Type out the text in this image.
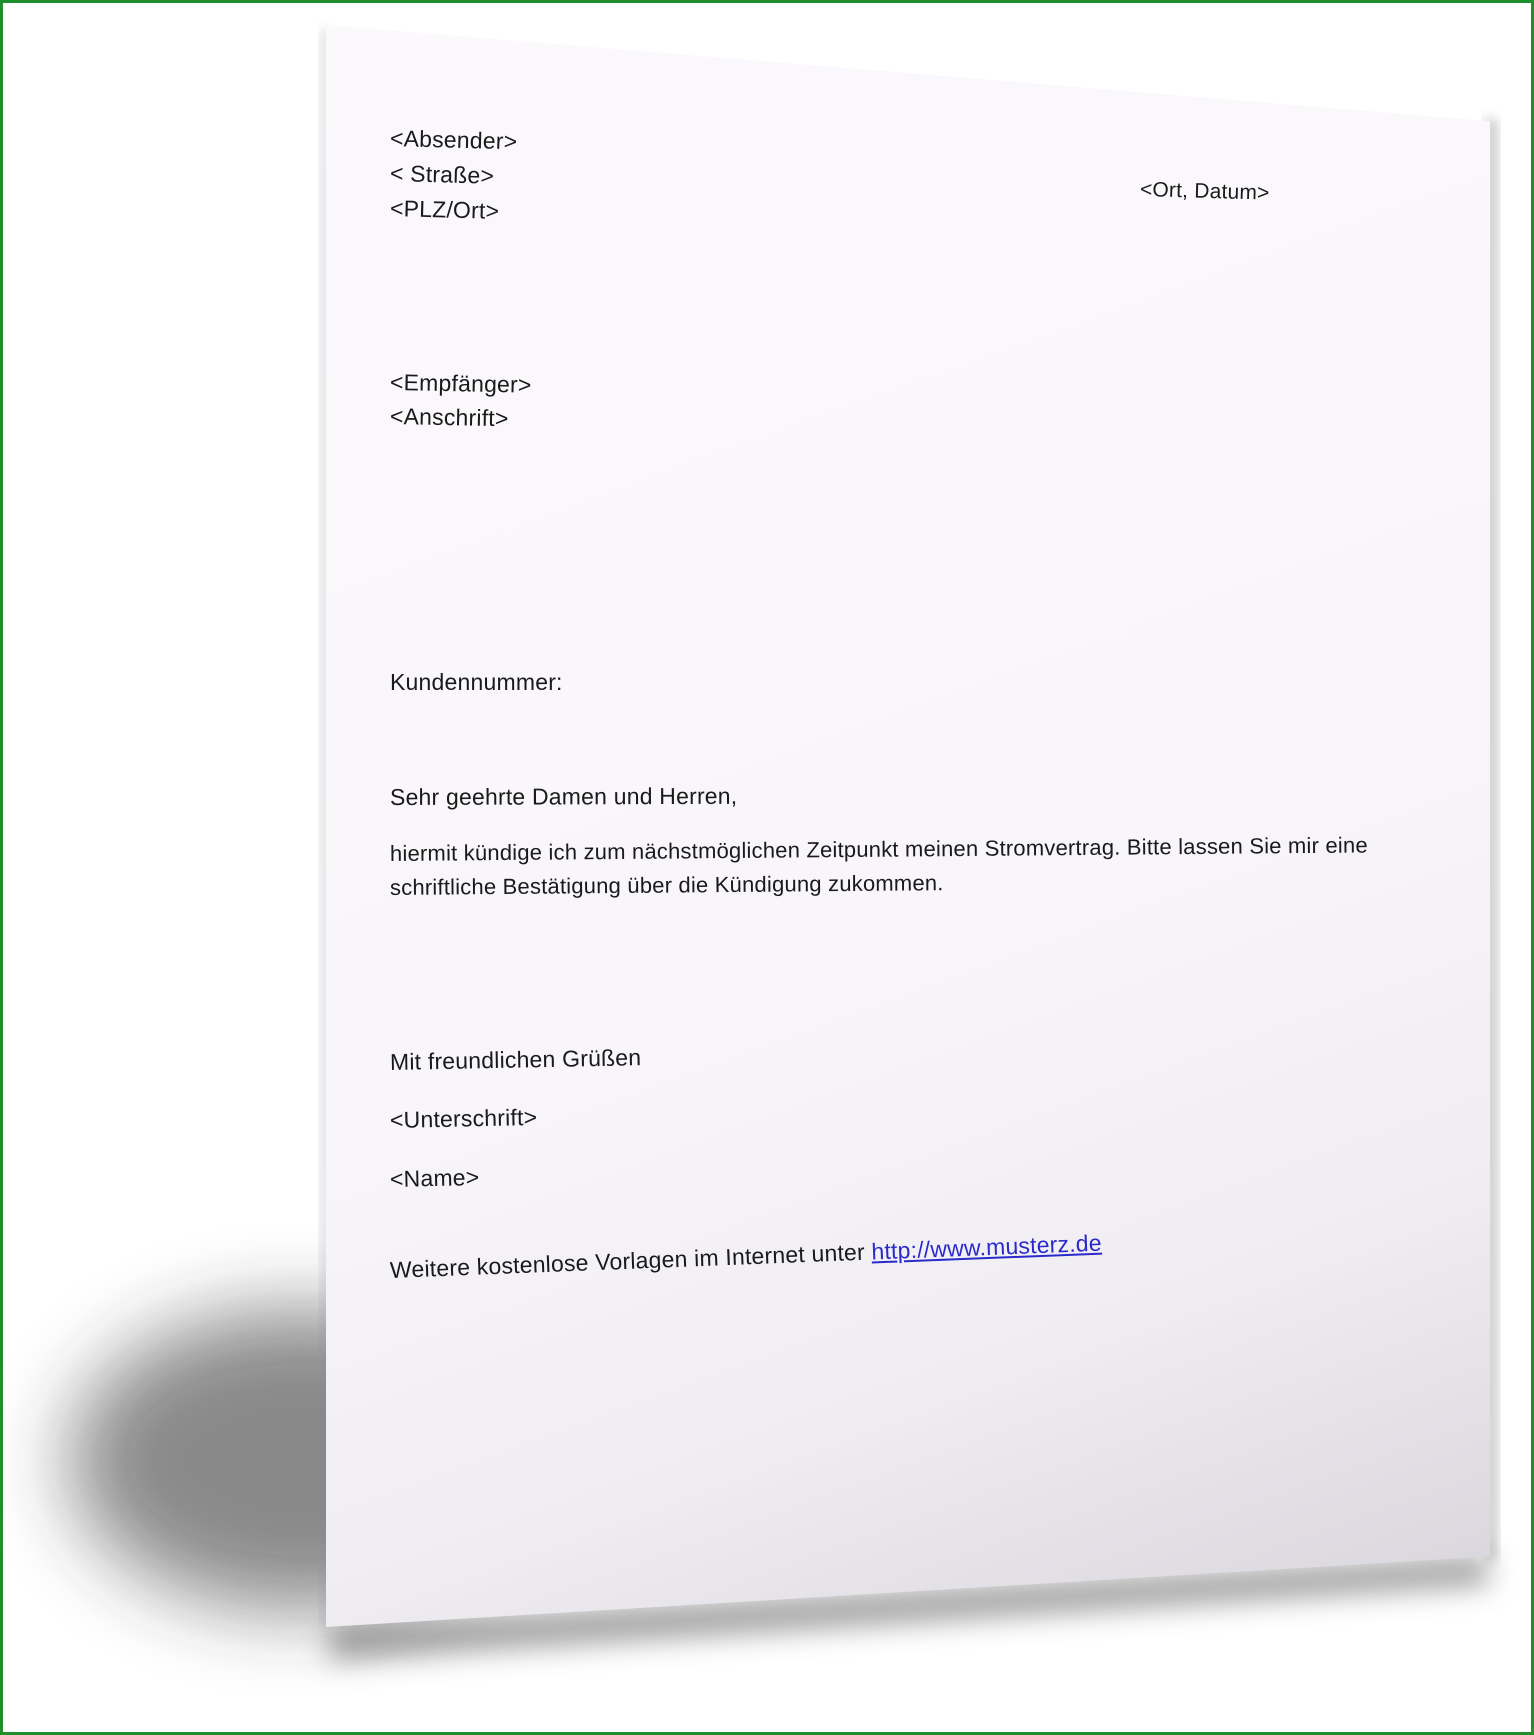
<Absender>
< Straße>
<PLZ/Ort>
<Ort, Datum>
<Empfänger>
<Anschrift>
Kundennummer:
Sehr geehrte Damen und Herren,
hiermit kündige ich zum nächstmöglichen Zeitpunkt meinen Stromvertrag. Bitte lassen Sie mir eine
schriftliche Bestätigung über die Kündigung zukommen.
Mit freundlichen Grüßen
<Unterschrift>
<Name>
Weitere kostenlose Vorlagen im Internet unter http://www.musterz.de
